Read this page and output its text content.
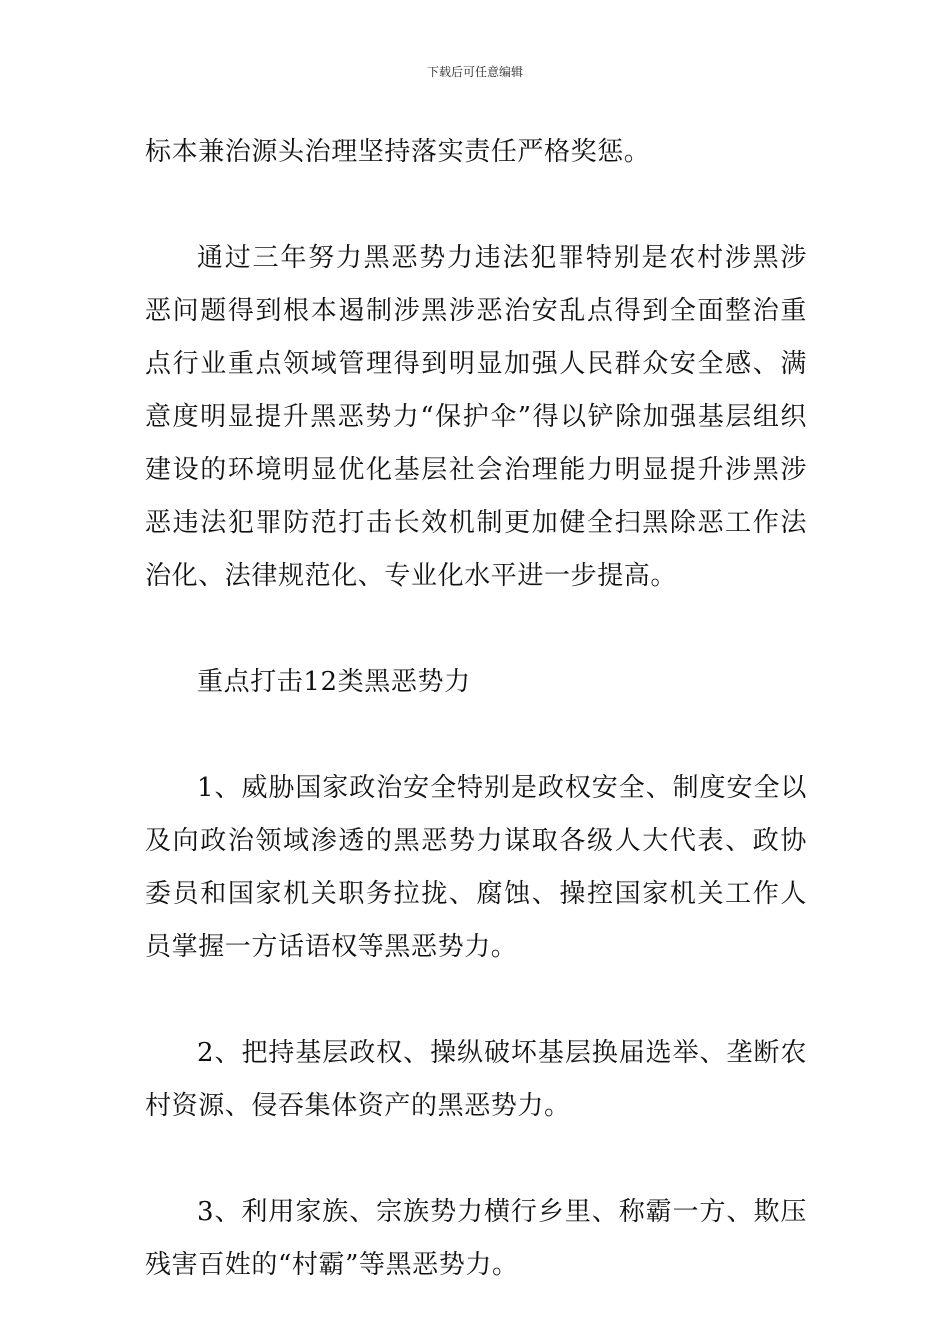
下载后可任意编辑

标本兼治源头治理坚持落实责任严格奖惩。

通过三年努力黑恶势力违法犯罪特别是农村涉黑涉恶问题得到根本遏制涉黑涉恶治安乱点得到全面整治重点行业重点领域管理得到明显加强人民群众安全感、满意度明显提升黑恶势力“保护伞”得以铲除加强基层组织建设的环境明显优化基层社会治理能力明显提升涉黑涉恶违法犯罪防范打击长效机制更加健全扫黑除恶工作法治化、法律规范化、专业化水平进一步提高。

重点打击12类黑恶势力

1、威胁国家政治安全特别是政权安全、制度安全以及向政治领域渗透的黑恶势力谋取各级人大代表、政协委员和国家机关职务拉拢、腐蚀、操控国家机关工作人员掌握一方话语权等黑恶势力。

2、把持基层政权、操纵破坏基层换届选举、垄断农村资源、侵吞集体资产的黑恶势力。

3、利用家族、宗族势力横行乡里、称霸一方、欺压残害百姓的“村霸”等黑恶势力。
